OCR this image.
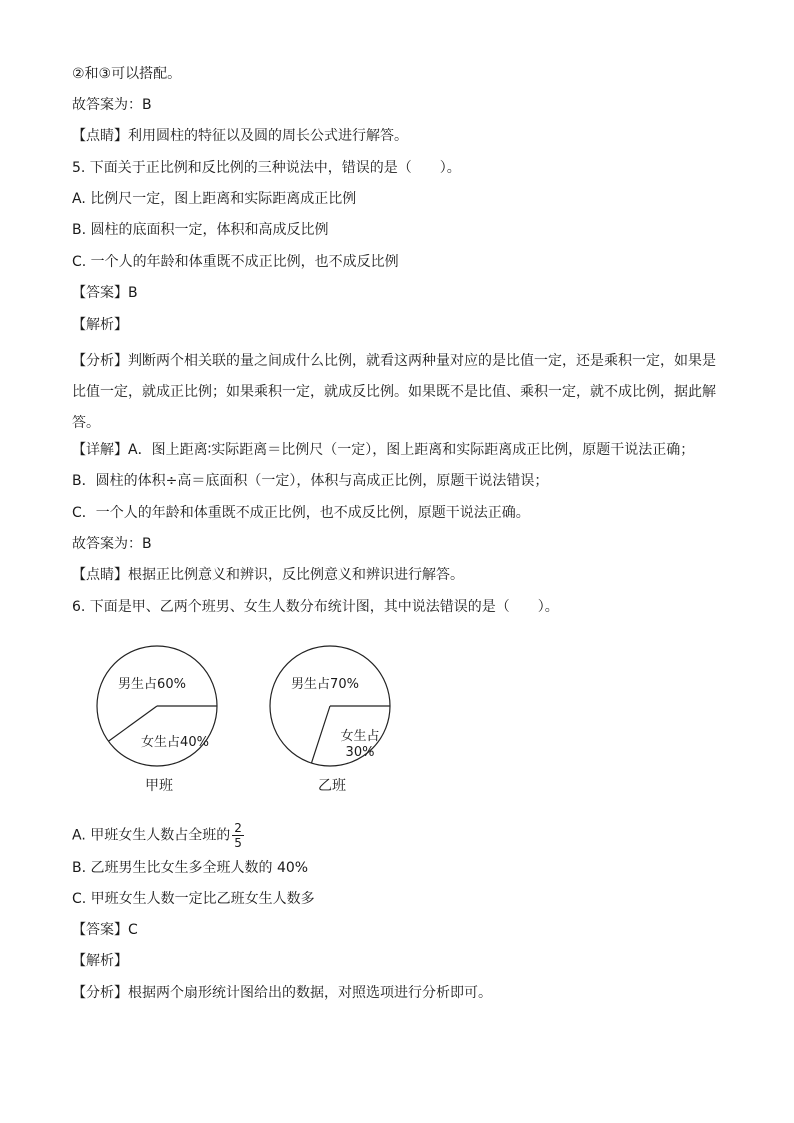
②和③可以搭配。
故答案为：B
【点睛】利用圆柱的特征以及圆的周长公式进行解答。
5. 下面关于正比例和反比例的三种说法中，错误的是（　　）。
A. 比例尺一定，图上距离和实际距离成正比例
B. 圆柱的底面积一定，体积和高成反比例
C. 一个人的年龄和体重既不成正比例，也不成反比例
【答案】B
【解析】
【分析】判断两个相关联的量之间成什么比例，就看这两种量对应的是比值一定，还是乘积一定，如果是比值一定，就成正比例；如果乘积一定，就成反比例。如果既不是比值、乘积一定，就不成比例，据此解答。
【详解】A．图上距离∶实际距离＝比例尺（一定），图上距离和实际距离成正比例，原题干说法正确；
B．圆柱的体积÷高＝底面积（一定），体积与高成正比例，原题干说法错误；
C．一个人的年龄和体重既不成正比例，也不成反比例，原题干说法正确。
故答案为：B
【点睛】根据正比例意义和辨识，反比例意义和辨识进行解答。
6. 下面是甲、乙两个班男、女生人数分布统计图，其中说法错误的是（　　）。
男生占60%
女生占40%
甲班
男生占70%
女生占
30%
乙班
A. 甲班女生人数占全班的 $\frac{2}{5}$
B. 乙班男生比女生多全班人数的 40%
C. 甲班女生人数一定比乙班女生人数多
【答案】C
【解析】
【分析】根据两个扇形统计图给出的数据，对照选项进行分析即可。
